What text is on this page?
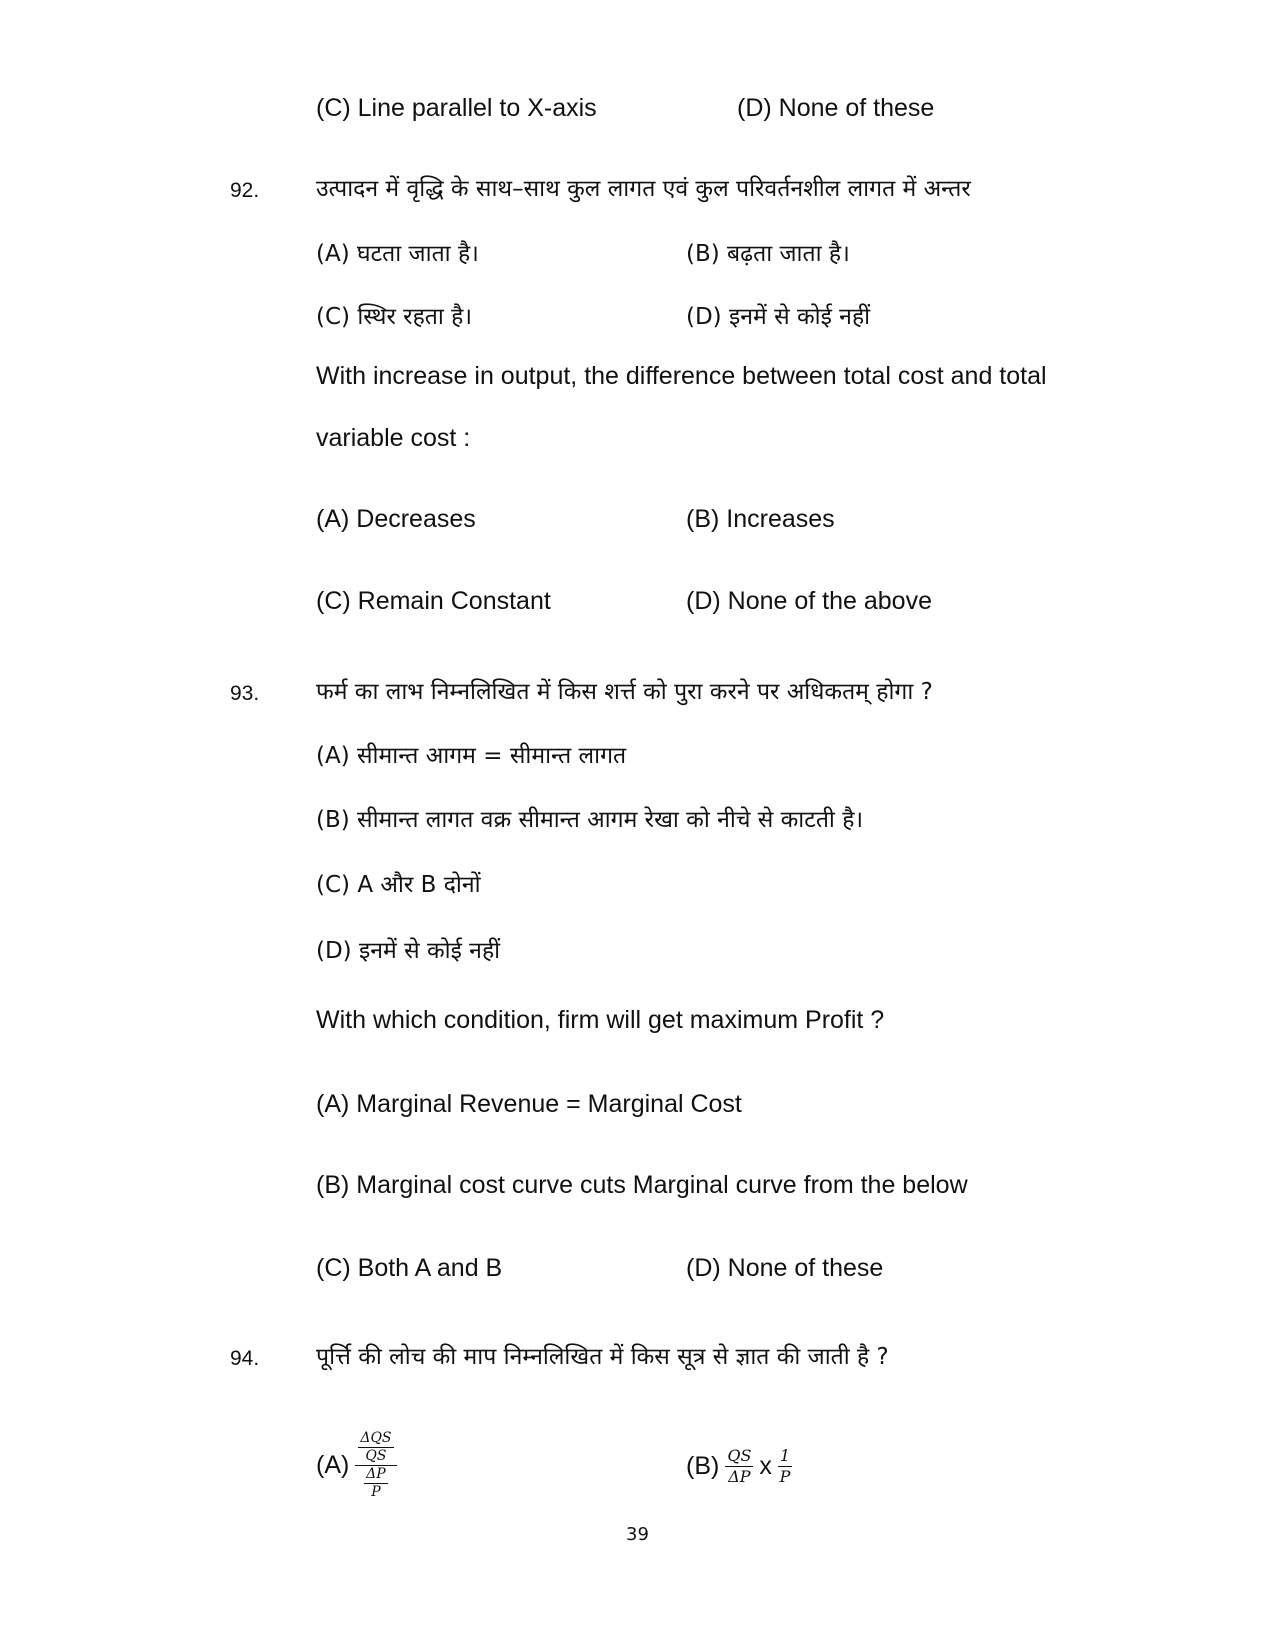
(C) Line parallel to X-axis	(D) None of these
92. उत्पादन में वृद्धि के साथ–साथ कुल लागत एवं कुल परिवर्तनशील लागत में अन्तर
(A) घटता जाता है।	(B) बढ़ता जाता है।
(C) स्थिर रहता है।	(D) इनमें से कोई नहीं
With increase in output, the difference between total cost and total
variable cost :
(A) Decreases	(B) Increases
(C) Remain Constant	(D) None of the above
93. फर्म का लाभ निम्नलिखित में किस शर्त्त को पुरा करने पर अधिकतम् होगा ?
(A) सीमान्त आगम = सीमान्त लागत
(B) सीमान्त लागत वक्र सीमान्त आगम रेखा को नीचे से काटती है।
(C) A और B दोनों
(D) इनमें से कोई नहीं
With which condition, firm will get maximum Profit ?
(A) Marginal Revenue = Marginal Cost
(B) Marginal cost curve cuts Marginal curve from the below
(C) Both A and B	(D) None of these
94. पूर्त्ति की लोच की माप निम्नलिखित में किस सूत्र से ज्ञात की जाती है ?
(A) ΔQS
QS
$\frac{\Delta P}{P}$	$(B) \frac{QS}{\Delta P}$ x $\frac{1}{P}$
39
